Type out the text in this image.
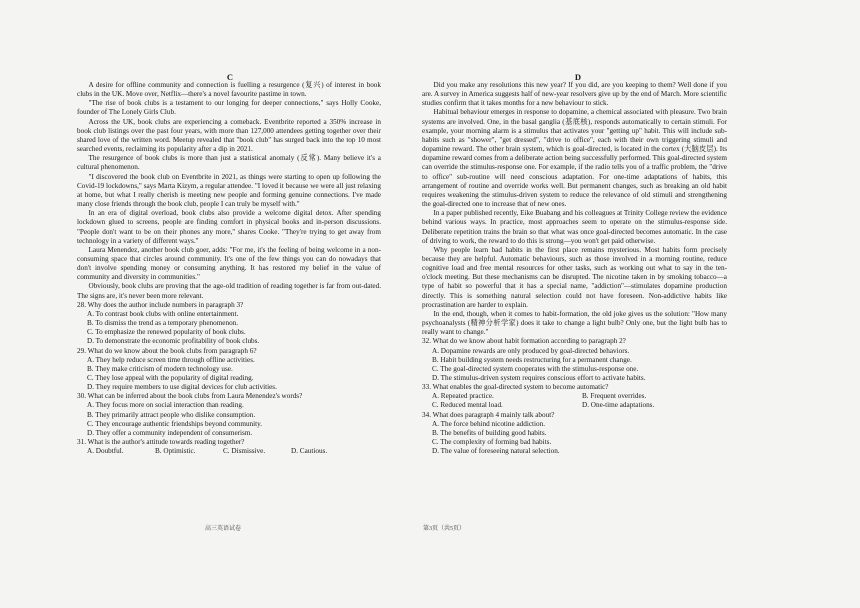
C

A desire for offline community and connection is fuelling a resurgence (复兴) of interest in book clubs in the UK. Move over, Netflix—there's a novel favourite pastime in town.

"The rise of book clubs is a testament to our longing for deeper connections," says Holly Cooke, founder of The Lonely Girls Club.

Across the UK, book clubs are experiencing a comeback. Eventbrite reported a 350% increase in book club listings over the past four years, with more than 127,000 attendees getting together over their shared love of the written word. Meetup revealed that "book club" has surged back into the top 10 most searched events, reclaiming its popularity after a dip in 2021.

The resurgence of book clubs is more than just a statistical anomaly (反常). Many believe it's a cultural phenomenon.

"I discovered the book club on Eventbrite in 2021, as things were starting to open up following the Covid-19 lockdowns," says Marta Kizym, a regular attendee. "I loved it because we were all just relaxing at home, but what I really cherish is meeting new people and forming genuine connections. I've made many close friends through the book club, people I can truly be myself with."

In an era of digital overload, book clubs also provide a welcome digital detox. After spending lockdown glued to screens, people are finding comfort in physical books and in-person discussions. "People don't want to be on their phones any more," shares Cooke. "They're trying to get away from technology in a variety of different ways."

Laura Menendez, another book club goer, adds: "For me, it's the feeling of being welcome in a non-consuming space that circles around community. It's one of the few things you can do nowadays that don't involve spending money or consuming anything. It has restored my belief in the value of community and diversity in communities."

Obviously, book clubs are proving that the age-old tradition of reading together is far from out-dated. The signs are, it's never been more relevant.

28. Why does the author include numbers in paragraph 3?

A. To contrast book clubs with online entertainment.

B. To dismiss the trend as a temporary phenomenon.

C. To emphasize the renewed popularity of book clubs.

D. To demonstrate the economic profitability of book clubs.

29. What do we know about the book clubs from paragraph 6?

A. They help reduce screen time through offline activities.

B. They make criticism of modern technology use.

C. They lose appeal with the popularity of digital reading.

D. They require members to use digital devices for club activities.

30. What can be inferred about the book clubs from Laura Menendez's words?

A. They focus more on social interaction than reading.

B. They primarily attract people who dislike consumption.

C. They encourage authentic friendships beyond community.

D. They offer a community independent of consumerism.

31. What is the author's attitude towards reading together?

A. Doubtful.	B. Optimistic.	C. Dismissive.	D. Cautious.
高三英语试卷
D

Did you make any resolutions this new year? If you did, are you keeping to them? Well done if you are. A survey in America suggests half of new-year resolvers give up by the end of March. More scientific studies confirm that it takes months for a new behaviour to stick.

Habitual behaviour emerges in response to dopamine, a chemical associated with pleasure. Two brain systems are involved. One, in the basal ganglia (基底核), responds automatically to certain stimuli. For example, your morning alarm is a stimulus that activates your "getting up" habit. This will include sub-habits such as "shower", "get dressed", "drive to office", each with their own triggering stimuli and dopamine reward. The other brain system, which is goal-directed, is located in the cortex (大脑皮层). Its dopamine reward comes from a deliberate action being successfully performed. This goal-directed system can override the stimulus-response one. For example, if the radio tells you of a traffic problem, the "drive to office" sub-routine will need conscious adaptation. For one-time adaptations of habits, this arrangement of routine and override works well. But permanent changes, such as breaking an old habit requires weakening the stimulus-driven system to reduce the relevance of old stimuli and strengthening the goal-directed one to increase that of new ones.

In a paper published recently, Eike Buabang and his colleagues at Trinity College review the evidence behind various ways. In practice, most approaches seem to operate on the stimulus-response side. Deliberate repetition trains the brain so that what was once goal-directed becomes automatic. In the case of driving to work, the reward to do this is strong—you won't get paid otherwise.

Why people learn bad habits in the first place remains mysterious. Most habits form precisely because they are helpful. Automatic behaviours, such as those involved in a morning routine, reduce cognitive load and free mental resources for other tasks, such as working out what to say in the ten-o'clock meeting. But these mechanisms can be disrupted. The nicotine taken in by smoking tobacco—a type of habit so powerful that it has a special name, "addiction"—stimulates dopamine production directly. This is something natural selection could not have foreseen. Non-addictive habits like procrastination are harder to explain.

In the end, though, when it comes to habit-formation, the old joke gives us the solution: "How many psychoanalysts (精神分析学家) does it take to change a light bulb? Only one, but the light bulb has to really want to change."

32. What do we know about habit formation according to paragraph 2?

A. Dopamine rewards are only produced by goal-directed behaviors.

B. Habit building system needs restructuring for a permanent change.

C. The goal-directed system cooperates with the stimulus-response one.

D. The stimulus-driven system requires conscious effort to activate habits.

33. What enables the goal-directed system to become automatic?

A. Repeated practice.	B. Frequent overrides.
C. Reduced mental load.	D. One-time adaptations.

34. What does paragraph 4 mainly talk about?

A. The force behind nicotine addiction.

B. The benefits of building good habits.

C. The complexity of forming bad habits.

D. The value of foreseeing natural selection.

第3页（共5页）
